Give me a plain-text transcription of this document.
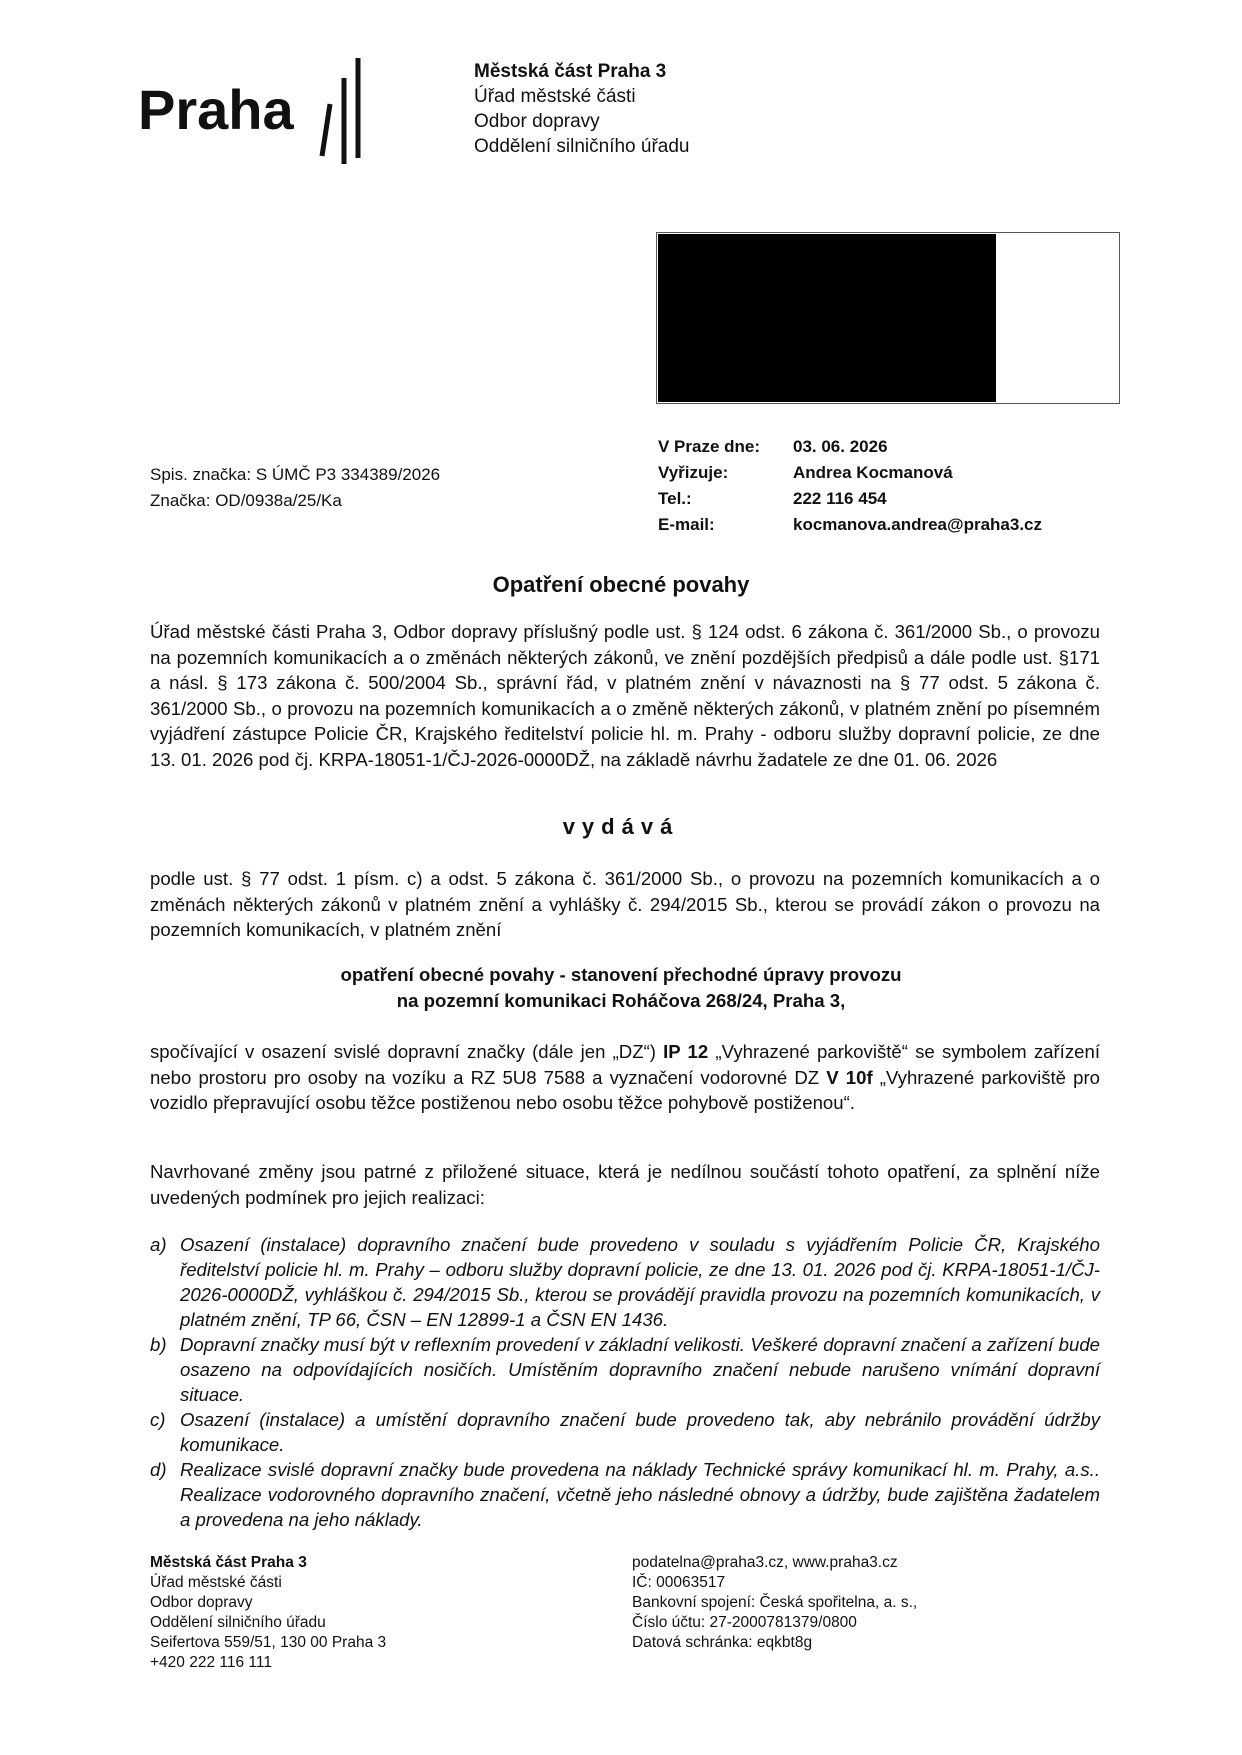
Praha
Městská část Praha 3
Úřad městské části
Odbor dopravy
Oddělení silničního úřadu
Spis. značka: S ÚMČ P3 334389/2026
Značka: OD/0938a/25/Ka
V Praze dne:	03. 06. 2026
Vyřizuje:	Andrea Kocmanová
Tel.:	222 116 454
E-mail:	kocmanova.andrea@praha3.cz
Opatření obecné povahy
Úřad městské části Praha 3, Odbor dopravy příslušný podle ust. § 124 odst. 6 zákona č. 361/2000 Sb., o provozu na pozemních komunikacích a o změnách některých zákonů, ve znění pozdějších předpisů a dále podle ust. §171 a násl. § 173 zákona č. 500/2004 Sb., správní řád, v platném znění v návaznosti na § 77 odst. 5 zákona č. 361/2000 Sb., o provozu na pozemních komunikacích a o změně některých zákonů, v platném znění po písemném vyjádření zástupce Policie ČR, Krajského ředitelství policie hl. m. Prahy - odboru služby dopravní policie, ze dne 13. 01. 2026 pod čj. KRPA-18051-1/ČJ-2026-0000DŽ, na základě návrhu žadatele ze dne 01. 06. 2026
vydává
podle ust. § 77 odst. 1 písm. c) a odst. 5 zákona č. 361/2000 Sb., o provozu na pozemních komunikacích a o změnách některých zákonů v platném znění a vyhlášky č. 294/2015 Sb., kterou se provádí zákon o provozu na pozemních komunikacích, v platném znění
opatření obecné povahy - stanovení přechodné úpravy provozu
na pozemní komunikaci Roháčova 268/24, Praha 3,
spočívající v osazení svislé dopravní značky (dále jen „DZ“) IP 12 „Vyhrazené parkoviště“ se symbolem zařízení nebo prostoru pro osoby na vozíku a RZ 5U8 7588 a vyznačení vodorovné DZ V 10f „Vyhrazené parkoviště pro vozidlo přepravující osobu těžce postiženou nebo osobu těžce pohybově postiženou“.
Navrhované změny jsou patrné z přiložené situace, která je nedílnou součástí tohoto opatření, za splnění níže uvedených podmínek pro jejich realizaci:
a) Osazení (instalace) dopravního značení bude provedeno v souladu s vyjádřením Policie ČR, Krajského ředitelství policie hl. m. Prahy – odboru služby dopravní policie, ze dne 13. 01. 2026 pod čj. KRPA-18051-1/ČJ-2026-0000DŽ, vyhláškou č. 294/2015 Sb., kterou se provádějí pravidla provozu na pozemních komunikacích, v platném znění, TP 66, ČSN – EN 12899-1 a ČSN EN 1436.
b) Dopravní značky musí být v reflexním provedení v základní velikosti. Veškeré dopravní značení a zařízení bude osazeno na odpovídajících nosičích. Umístěním dopravního značení nebude narušeno vnímání dopravní situace.
c) Osazení (instalace) a umístění dopravního značení bude provedeno tak, aby nebránilo provádění údržby komunikace.
d) Realizace svislé dopravní značky bude provedena na náklady Technické správy komunikací hl. m. Prahy, a.s.. Realizace vodorovného dopravního značení, včetně jeho následné obnovy a údržby, bude zajištěna žadatelem a provedena na jeho náklady.
Městská část Praha 3
Úřad městské části
Odbor dopravy
Oddělení silničního úřadu
Seifertova 559/51, 130 00 Praha 3
+420 222 116 111
podatelna@praha3.cz, www.praha3.cz
IČ: 00063517
Bankovní spojení: Česká spořitelna, a. s.,
Číslo účtu: 27-2000781379/0800
Datová schránka: eqkbt8g
